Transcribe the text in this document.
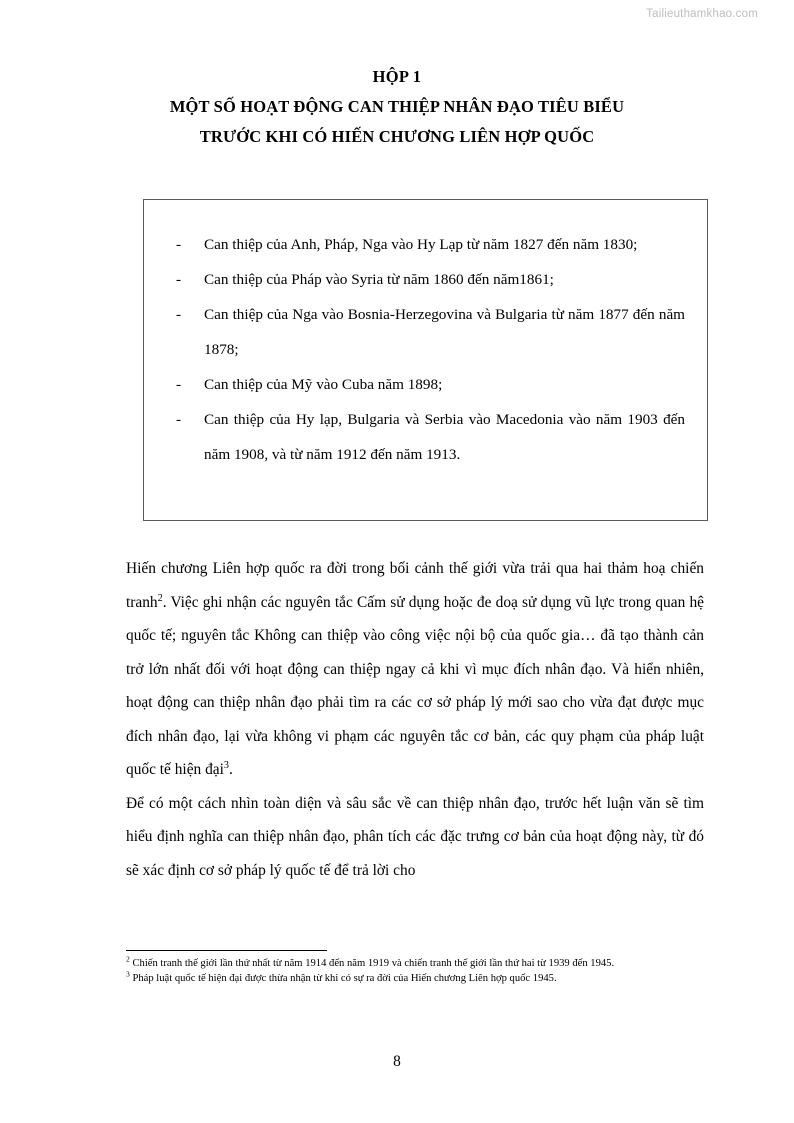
Tailieuthamkhao.com
HỘP 1
MỘT SỐ HOẠT ĐỘNG CAN THIỆP NHÂN ĐẠO TIÊU BIỂU
TRƯỚC KHI CÓ HIẾN CHƯƠNG LIÊN HỢP QUỐC
-	Can thiệp của Anh, Pháp, Nga vào Hy Lạp từ năm 1827 đến năm 1830;
-	Can thiệp của Pháp vào Syria từ năm 1860 đến năm1861;
-	Can thiệp của Nga vào Bosnia-Herzegovina và Bulgaria từ năm 1877 đến năm 1878;
-	Can thiệp của Mỹ vào Cuba năm 1898;
-	Can thiệp của Hy lạp, Bulgaria và Serbia vào Macedonia vào năm 1903 đến năm 1908, và từ năm 1912 đến năm 1913.

Hiến chương Liên hợp quốc ra đời trong bối cảnh thế giới vừa trải qua hai thảm hoạ chiến tranh$^2$. Việc ghi nhận các nguyên tắc Cấm sử dụng hoặc đe doạ sử dụng vũ lực trong quan hệ quốc tế; nguyên tắc Không can thiệp vào công việc nội bộ của quốc gia… đã tạo thành cản trở lớn nhất đối với hoạt động can thiệp ngay cả khi vì mục đích nhân đạo. Và hiển nhiên, hoạt động can thiệp nhân đạo phải tìm ra các cơ sở pháp lý mới sao cho vừa đạt được mục đích nhân đạo, lại vừa không vi phạm các nguyên tắc cơ bản, các quy phạm của pháp luật quốc tế hiện đại$^3$.

Để có một cách nhìn toàn diện và sâu sắc về can thiệp nhân đạo, trước hết luận văn sẽ tìm hiểu định nghĩa can thiệp nhân đạo, phân tích các đặc trưng cơ bản của hoạt động này, từ đó sẽ xác định cơ sở pháp lý quốc tế để trả lời cho

$^2$ Chiến tranh thế giới lần thứ nhất từ năm 1914 đến năm 1919 và chiến tranh thế giới lần thứ hai từ 1939 đến 1945.

$^3$ Pháp luật quốc tế hiện đại được thừa nhận từ khi có sự ra đời của Hiến chương Liên hợp quốc 1945.

8
